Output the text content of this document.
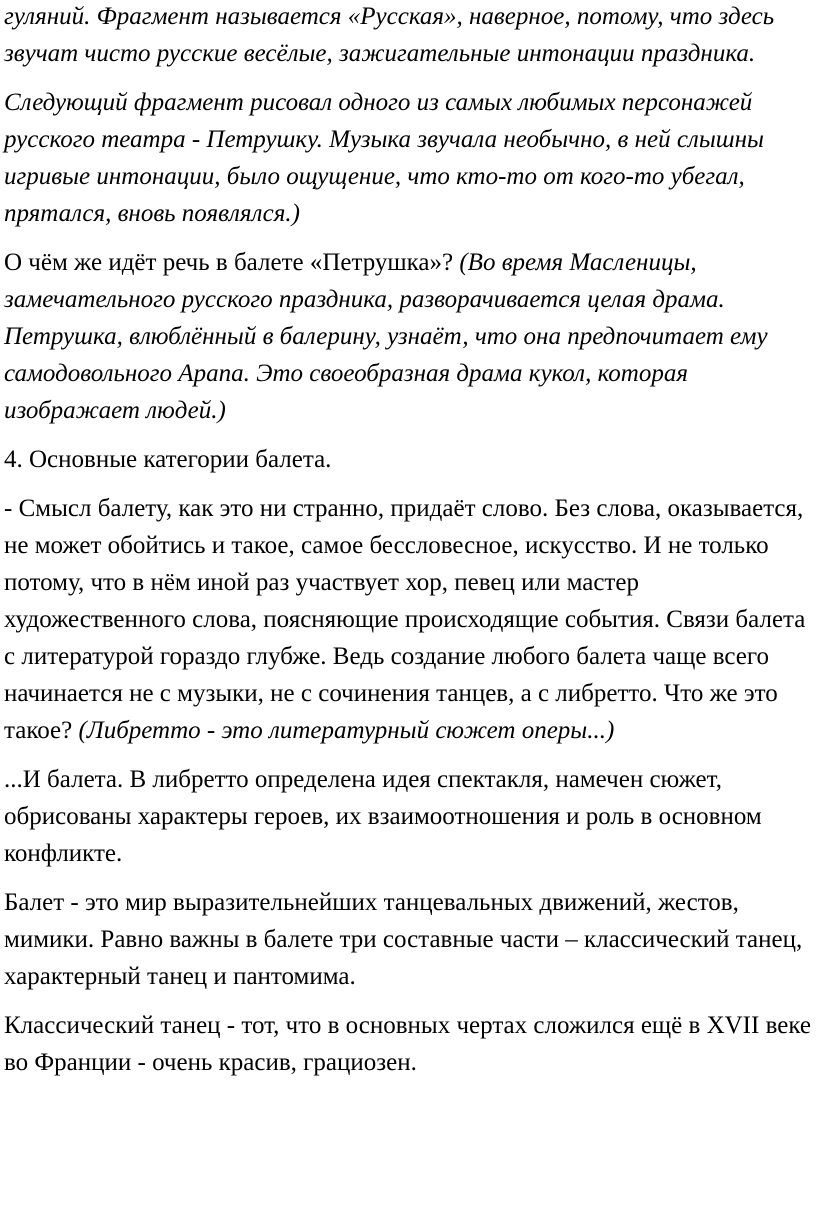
гуляний. Фрагмент называется «Русская», наверное, потому, что здесь звучат чисто русские весёлые, зажигательные интонации праздника.

Следующий фрагмент рисовал одного из самых любимых персонажей русского театра - Петрушку. Музыка звучала необычно, в ней слышны игривые интонации, было ощущение, что кто-то от кого-то убегал, прятался, вновь появлялся.)

О чём же идёт речь в балете «Петрушка»? (Во время Масленицы, замечательного русского праздника, разворачивается целая драма. Петрушка, влюблённый в балерину, узнаёт, что она предпочитает ему самодовольного Арапа. Это своеобразная драма кукол, которая изображает людей.)

4. Основные категории балета.

- Смысл балету, как это ни странно, придаёт слово. Без слова, оказывается, не может обойтись и такое, самое бессловесное, искусство. И не только потому, что в нём иной раз участвует хор, певец или мастер художественного слова, поясняющие происходящие события. Связи балета с литературой гораздо глубже. Ведь создание любого балета чаще всего начинается не с музыки, не с сочинения танцев, а с либретто. Что же это такое? (Либретто - это литературный сюжет оперы...)

...И балета. В либретто определена идея спектакля, намечен сюжет, обрисованы характеры героев, их взаимоотношения и роль в основном конфликте.

Балет - это мир выразительнейших танцевальных движений, жестов, мимики. Равно важны в балете три составные части – классический танец, характерный танец и пантомима.

Классический танец - тот, что в основных чертах сложился ещё в XVII веке во Франции - очень красив, грациозен.
